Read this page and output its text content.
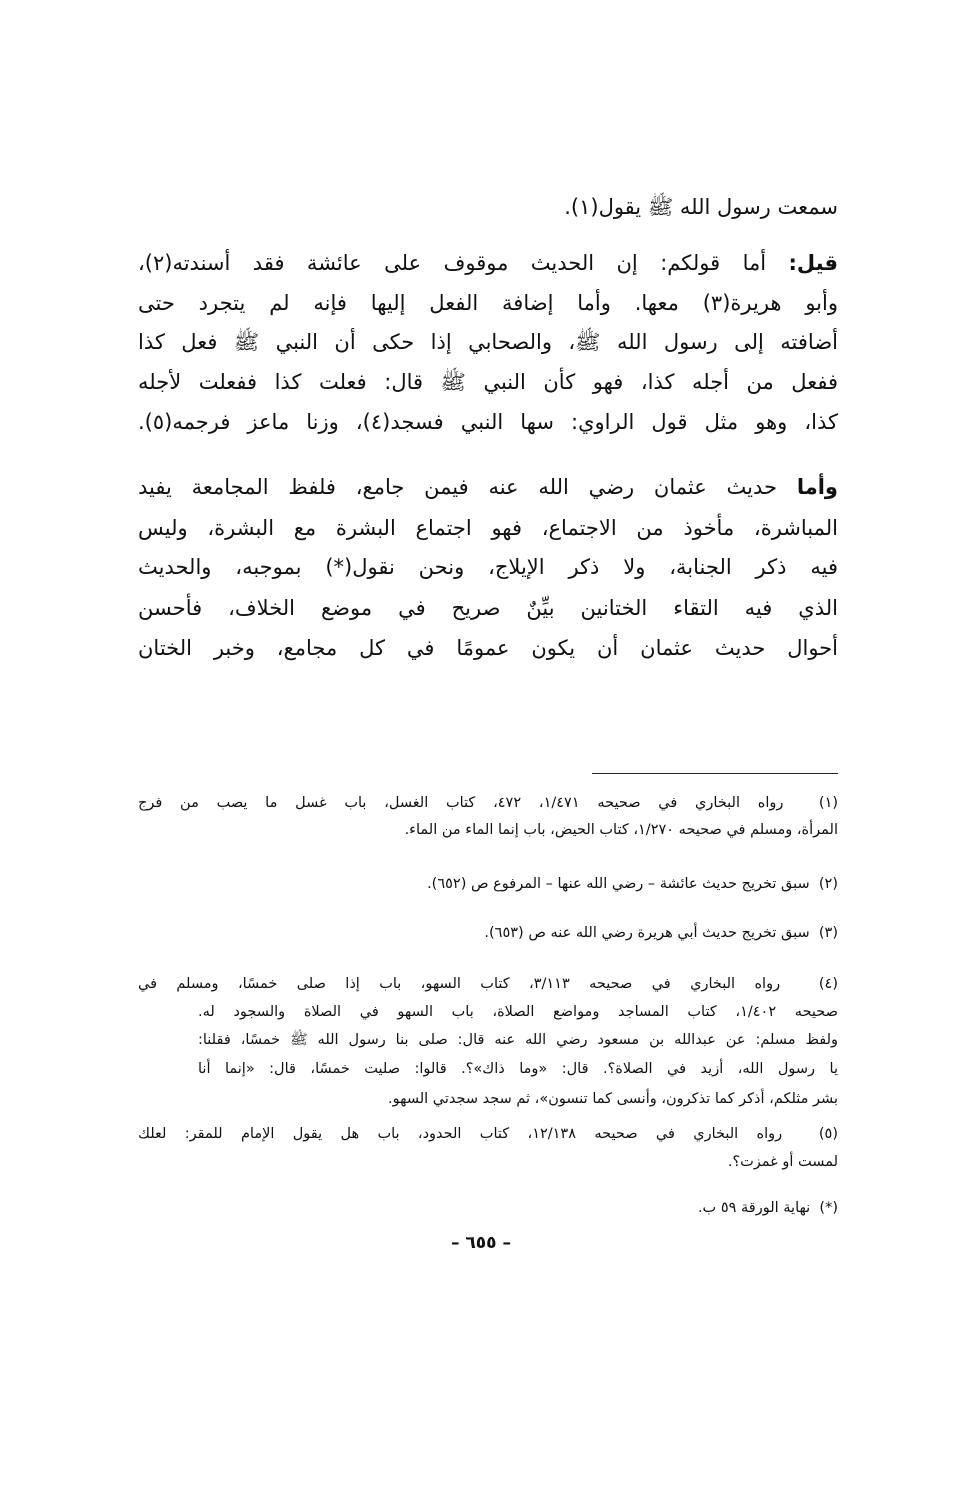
سمعت رسول الله ﷺ يقول(١).
قيل: أما قولكم: إن الحديث موقوف على عائشة فقد أسندته(٢)،
وأبو هريرة(٣) معها. وأما إضافة الفعل إليها فإنه لم يتجرد حتى
أضافته إلى رسول الله ﷺ، والصحابي إذا حكى أن النبي ﷺ فعل كذا
ففعل من أجله كذا، فهو كأن النبي ﷺ قال: فعلت كذا ففعلت لأجله
كذا، وهو مثل قول الراوي: سها النبي فسجد(٤)، وزنا ماعز فرجمه(٥).
وأما حديث عثمان رضي الله عنه فيمن جامع، فلفظ المجامعة يفيد
المباشرة، مأخوذ من الاجتماع، فهو اجتماع البشرة مع البشرة، وليس
فيه ذكر الجنابة، ولا ذكر الإيلاج، ونحن نقول(*) بموجبه، والحديث
الذي فيه التقاء الختانين بيِّنٌ صريح في موضع الخلاف، فأحسن
أحوال حديث عثمان أن يكون عمومًا في كل مجامع، وخبر الختان
(١)  رواه البخاري في صحيحه ١/٤٧١، ٤٧٢، كتاب الغسل، باب غسل ما يصب من فرج
المرأة، ومسلم في صحيحه ١/٢٧٠، كتاب الحيض، باب إنما الماء من الماء.
(٢)  سبق تخريج حديث عائشة – رضي الله عنها – المرفوع ص (٦٥٢).
(٣)  سبق تخريج حديث أبي هريرة رضي الله عنه ص (٦٥٣).
(٤)  رواه البخاري في صحيحه ٣/١١٣، كتاب السهو، باب إذا صلى خمسًا، ومسلم في
صحيحه ١/٤٠٢، كتاب المساجد ومواضع الصلاة، باب السهو في الصلاة والسجود له.
ولفظ مسلم: عن عبدالله بن مسعود رضي الله عنه قال: صلى بنا رسول الله ﷺ خمسًا، فقلنا:
يا رسول الله، أزيد في الصلاة؟. قال: «وما ذاك»؟. قالوا: صليت خمسًا، قال: «إنما أنا
بشر مثلكم، أذكر كما تذكرون، وأنسى كما تنسون»، ثم سجد سجدتي السهو.
(٥)  رواه البخاري في صحيحه ١٢/١٣٨، كتاب الحدود، باب هل يقول الإمام للمقر: لعلك
لمست أو غمزت؟.
(*)  نهاية الورقة ٥٩ ب.
– ٦٥٥ –
